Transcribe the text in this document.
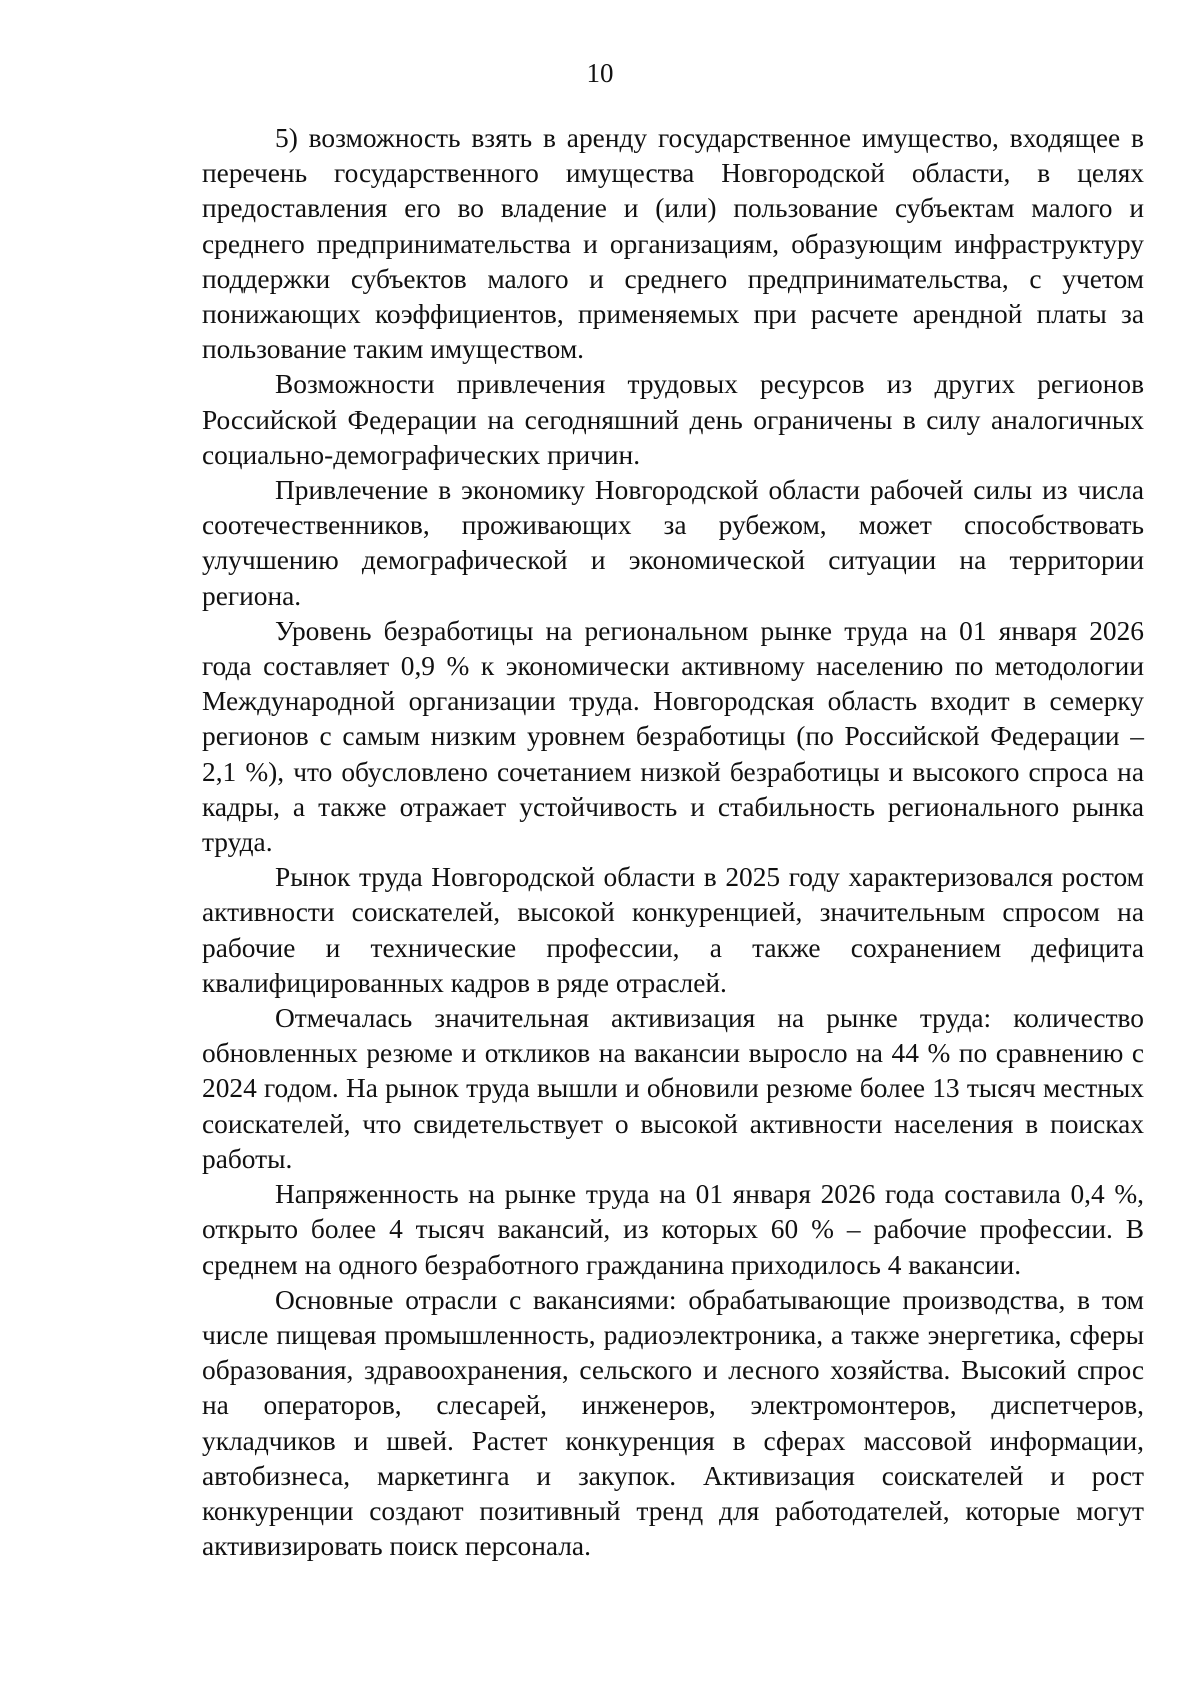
10

5) возможность взять в аренду государственное имущество, входящее в перечень государственного имущества Новгородской области, в целях предоставления его во владение и (или) пользование субъектам малого и среднего предпринимательства и организациям, образующим инфраструктуру поддержки субъектов малого и среднего предпринимательства, с учетом понижающих коэффициентов, применяемых при расчете арендной платы за пользование таким имуществом.

Возможности привлечения трудовых ресурсов из других регионов Российской Федерации на сегодняшний день ограничены в силу аналогичных социально-демографических причин.

Привлечение в экономику Новгородской области рабочей силы из числа соотечественников, проживающих за рубежом, может способствовать улучшению демографической и экономической ситуации на территории региона.

Уровень безработицы на региональном рынке труда на 01 января 2026 года составляет 0,9 % к экономически активному населению по методологии Международной организации труда. Новгородская область входит в семерку регионов с самым низким уровнем безработицы (по Российской Федерации – 2,1 %), что обусловлено сочетанием низкой безработицы и высокого спроса на кадры, а также отражает устойчивость и стабильность регионального рынка труда.

Рынок труда Новгородской области в 2025 году характеризовался ростом активности соискателей, высокой конкуренцией, значительным спросом на рабочие и технические профессии, а также сохранением дефицита квалифицированных кадров в ряде отраслей.

Отмечалась значительная активизация на рынке труда: количество обновленных резюме и откликов на вакансии выросло на 44 % по сравнению с 2024 годом. На рынок труда вышли и обновили резюме более 13 тысяч местных соискателей, что свидетельствует о высокой активности населения в поисках работы.

Напряженность на рынке труда на 01 января 2026 года составила 0,4 %, открыто более 4 тысяч вакансий, из которых 60 % – рабочие профессии. В среднем на одного безработного гражданина приходилось 4 вакансии.

Основные отрасли с вакансиями: обрабатывающие производства, в том числе пищевая промышленность, радиоэлектроника, а также энергетика, сферы образования, здравоохранения, сельского и лесного хозяйства. Высокий спрос на операторов, слесарей, инженеров, электромонтеров, диспетчеров, укладчиков и швей. Растет конкуренция в сферах массовой информации, автобизнеса, маркетинга и закупок. Активизация соискателей и рост конкуренции создают позитивный тренд для работодателей, которые могут активизировать поиск персонала.
